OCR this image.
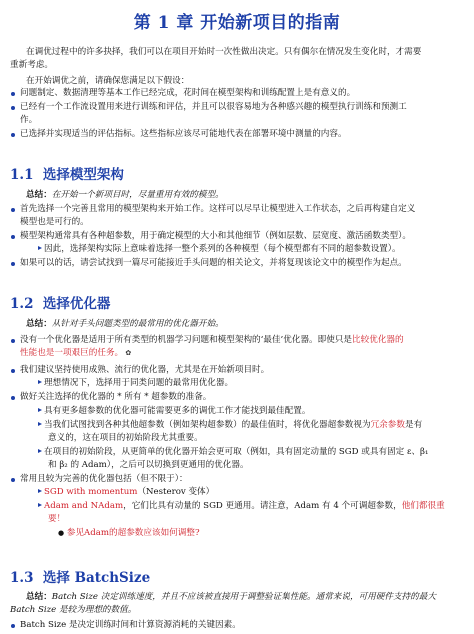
第 1 章 开始新项目的指南
在调优过程中的许多抉择，我们可以在项目开始时一次性做出决定。只有偶尔在情况发生变化时，才需要
重新考虑。
在开始调优之前，请确保您满足以下假设：
问题制定、数据清理等基本工作已经完成，花时间在模型架构和训练配置上是有意义的。
已经有一个工作流设置用来进行训练和评估，并且可以很容易地为各种感兴趣的模型执行训练和预测工
作。
已选择并实现适当的评估指标。这些指标应该尽可能地代表在部署环境中测量的内容。
1.1 选择模型架构
总结：在开始一个新项目时，尽量重用有效的模型。
首先选择一个完善且常用的模型架构来开始工作。这样可以尽早让模型进入工作状态，之后再构建自定义
模型也是可行的。
模型架构通常具有各种超参数，用于确定模型的大小和其他细节（例如层数、层宽度、激活函数类型）。
因此，选择架构实际上意味着选择一整个系列的各种模型（每个模型都有不同的超参数设置）。
如果可以的话，请尝试找到一篇尽可能接近手头问题的相关论文，并将复现该论文中的模型作为起点。
1.2 选择优化器
总结：从针对手头问题类型的最常用的优化器开始。
没有一个优化器是适用于所有类型的机器学习问题和模型架构的‘最佳’优化器。即使只是比较优化器的
性能也是一项艰巨的任务。 ✿
我们建议坚持使用成熟、流行的优化器，尤其是在开始新项目时。
理想情况下，选择用于同类问题的最常用优化器。
做好关注选择的优化器的 * 所有 * 超参数的准备。
具有更多超参数的优化器可能需要更多的调优工作才能找到最佳配置。
当我们试图找到各种其他超参数（例如架构超参数）的最佳值时，将优化器超参数视为冗余参数是有
意义的，这在项目的初始阶段尤其重要。
在项目的初始阶段，从更简单的优化器开始会更可取（例如，具有固定动量的 SGD 或具有固定 ε、β₁
和 β₂ 的 Adam），之后可以切换到更通用的优化器。
常用且较为完善的优化器包括（但不限于）：
SGD with momentum（Nesterov 变体）
Adam and NAdam，它们比具有动量的 SGD 更通用。请注意，Adam 有 4 个可调超参数，他们都很重
要！
● 参见Adam的超参数应该如何调整?
1.3 选择 BatchSize
总结：Batch Size 决定训练速度，并且不应该被直接用于调整验证集性能。通常来说，可用硬件支持的最大
Batch Size 是较为理想的数值。
Batch Size 是决定训练时间和计算资源消耗的关键因素。
